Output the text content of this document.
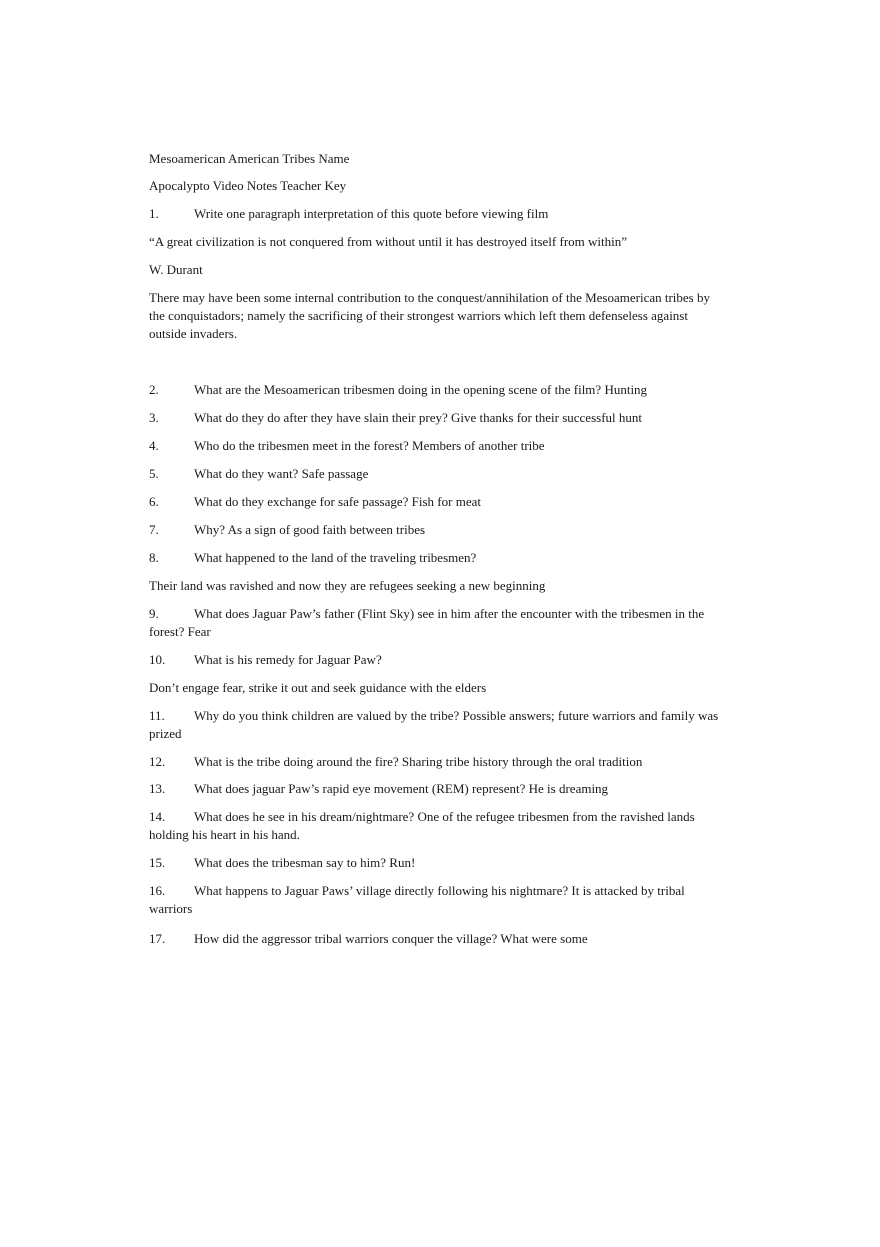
Mesoamerican American Tribes Name

Apocalypto Video Notes Teacher Key

1.	Write one paragraph interpretation of this quote before viewing film

“A great civilization is not conquered from without until it has destroyed itself from within”

W. Durant

There may have been some internal contribution to the conquest/annihilation of the Mesoamerican tribes by the conquistadors; namely the sacrificing of their strongest warriors which left them defenseless against outside invaders.

2.	What are the Mesoamerican tribesmen doing in the opening scene of the film? Hunting

3.	What do they do after they have slain their prey? Give thanks for their successful hunt

4.	Who do the tribesmen meet in the forest? Members of another tribe

5.	What do they want? Safe passage

6.	What do they exchange for safe passage? Fish for meat

7.	Why? As a sign of good faith between tribes

8.	What happened to the land of the traveling tribesmen?

Their land was ravished and now they are refugees seeking a new beginning

9.	What does Jaguar Paw’s father (Flint Sky) see in him after the encounter with the tribesmen in the forest? Fear

10. What is his remedy for Jaguar Paw?

Don’t engage fear, strike it out and seek guidance with the elders

11. Why do you think children are valued by the tribe? Possible answers; future warriors and family was prized

12. What is the tribe doing around the fire? Sharing tribe history through the oral tradition

13. What does jaguar Paw’s rapid eye movement (REM) represent? He is dreaming

14. What does he see in his dream/nightmare? One of the refugee tribesmen from the ravished lands holding his heart in his hand.

15. What does the tribesman say to him? Run!

16. What happens to Jaguar Paws’ village directly following his nightmare? It is attacked by tribal warriors

17. How did the aggressor tribal warriors conquer the village? What were some
